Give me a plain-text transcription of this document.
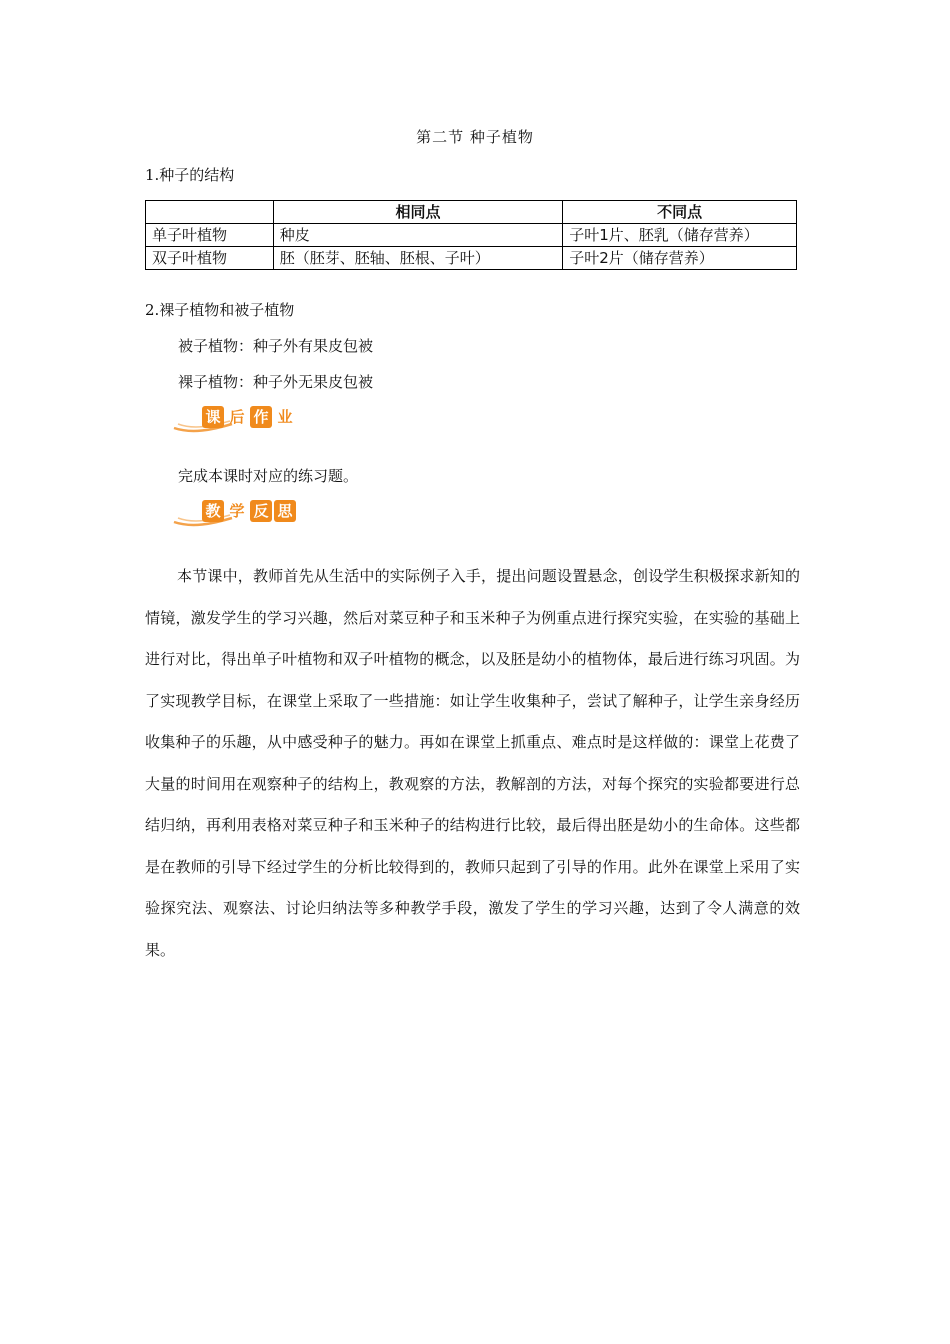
第二节 种子植物
1.种子的结构
	相同点	不同点
单子叶植物	种皮	子叶1片、胚乳（储存营养）
双子叶植物	胚（胚芽、胚轴、胚根、子叶）	子叶2片（储存营养）
2.裸子植物和被子植物
被子植物：种子外有果皮包被
裸子植物：种子外无果皮包被
课 后 作 业
完成本课时对应的练习题。
教 学 反 思

本节课中，教师首先从生活中的实际例子入手，提出问题设置悬念，创设学生积极探求新知的情镜，激发学生的学习兴趣，然后对菜豆种子和玉米种子为例重点进行探究实验，在实验的基础上进行对比，得出单子叶植物和双子叶植物的概念，以及胚是幼小的植物体，最后进行练习巩固。为了实现教学目标，在课堂上采取了一些措施：如让学生收集种子，尝试了解种子，让学生亲身经历收集种子的乐趣，从中感受种子的魅力。再如在课堂上抓重点、难点时是这样做的：课堂上花费了大量的时间用在观察种子的结构上，教观察的方法，教解剖的方法，对每个探究的实验都要进行总结归纳，再利用表格对菜豆种子和玉米种子的结构进行比较，最后得出胚是幼小的生命体。这些都是在教师的引导下经过学生的分析比较得到的，教师只起到了引导的作用。此外在课堂上采用了实验探究法、观察法、讨论归纳法等多种教学手段，激发了学生的学习兴趣，达到了令人满意的效果。
